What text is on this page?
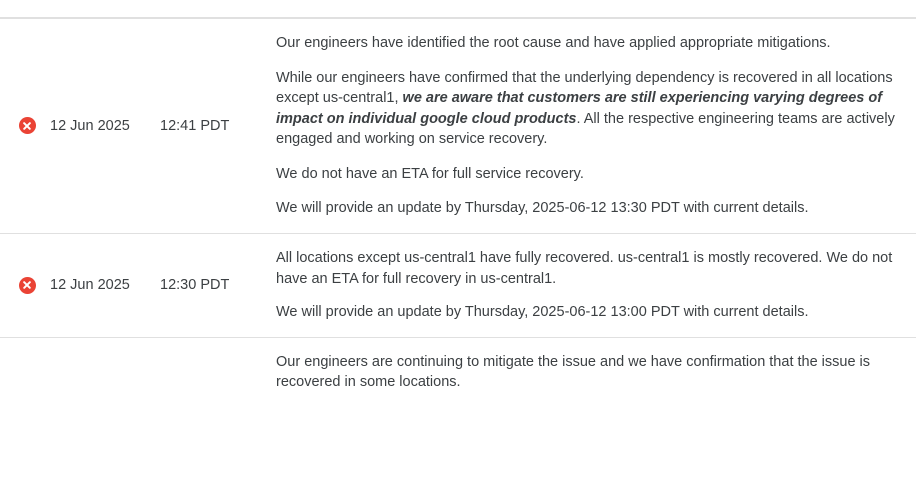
	12 Jun 2025	12:41 PDT	Our engineers have identified the root cause and have applied appropriate mitigations.

While our engineers have confirmed that the underlying dependency is recovered in all locations except us-central1, we are aware that customers are still experiencing varying degrees of impact on individual google cloud products. All the respective engineering teams are actively engaged and working on service recovery.

We do not have an ETA for full service recovery.

We will provide an update by Thursday, 2025-06-12 13:30 PDT with current details.

	12 Jun 2025	12:30 PDT	All locations except us-central1 have fully recovered. us-central1 is mostly recovered. We do not have an ETA for full recovery in us-central1.

We will provide an update by Thursday, 2025-06-12 13:00 PDT with current details.

			Our engineers are continuing to mitigate the issue and we have confirmation that the issue is recovered in some locations.
